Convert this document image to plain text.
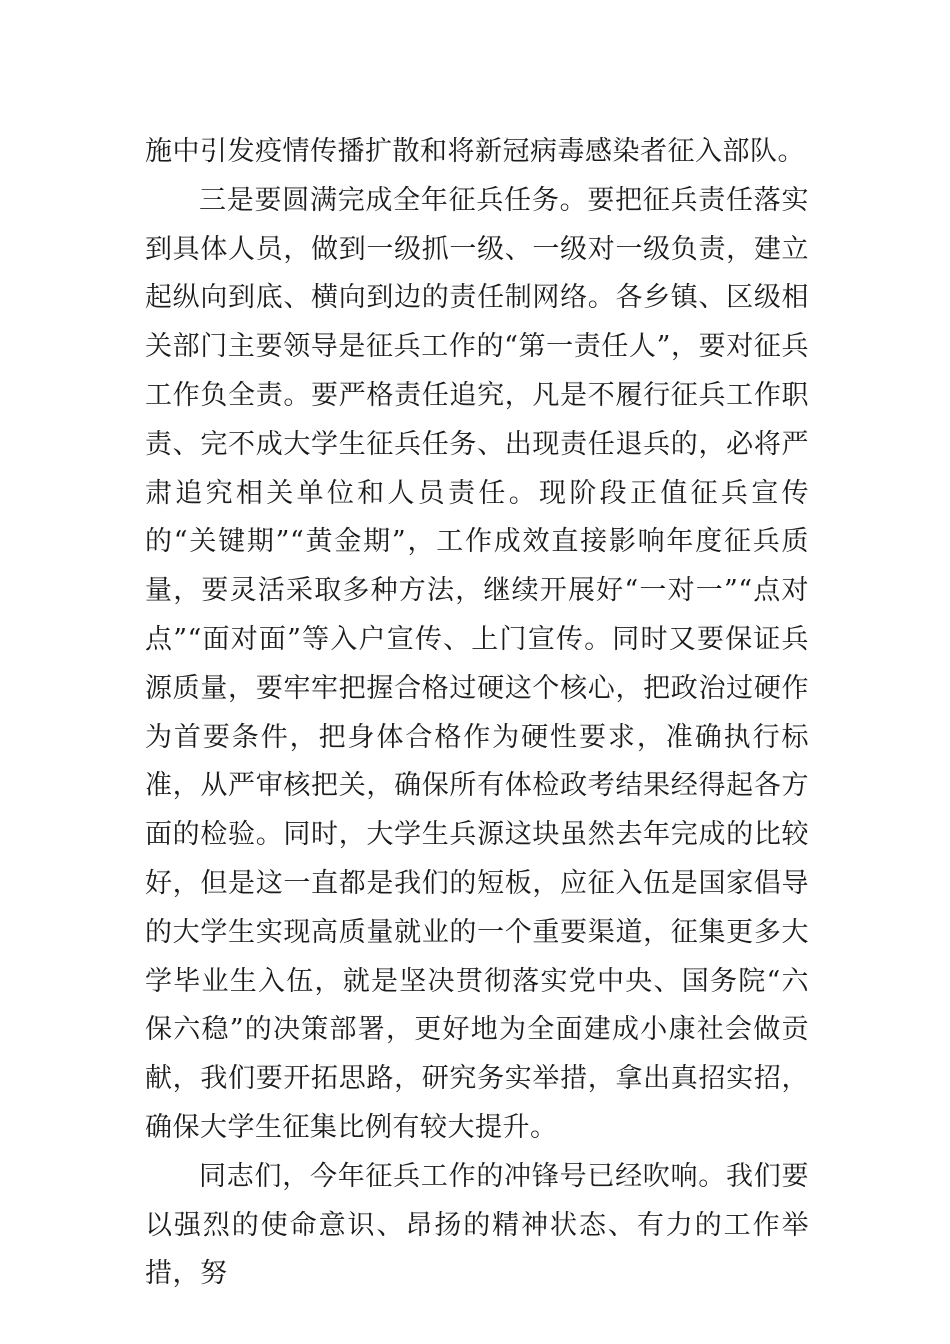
施中引发疫情传播扩散和将新冠病毒感染者征入部队。

三是要圆满完成全年征兵任务。要把征兵责任落实到具体人员，做到一级抓一级、一级对一级负责，建立起纵向到底、横向到边的责任制网络。各乡镇、区级相关部门主要领导是征兵工作的“第一责任人”，要对征兵工作负全责。要严格责任追究，凡是不履行征兵工作职责、完不成大学生征兵任务、出现责任退兵的，必将严肃追究相关单位和人员责任。现阶段正值征兵宣传的“关键期”“黄金期”，工作成效直接影响年度征兵质量，要灵活采取多种方法，继续开展好“一对一”“点对点”“面对面”等入户宣传、上门宣传。同时又要保证兵源质量，要牢牢把握合格过硬这个核心，把政治过硬作为首要条件，把身体合格作为硬性要求，准确执行标准，从严审核把关，确保所有体检政考结果经得起各方面的检验。同时，大学生兵源这块虽然去年完成的比较好，但是这一直都是我们的短板，应征入伍是国家倡导的大学生实现高质量就业的一个重要渠道，征集更多大学毕业生入伍，就是坚决贯彻落实党中央、国务院“六保六稳”的决策部署，更好地为全面建成小康社会做贡献，我们要开拓思路，研究务实举措，拿出真招实招，确保大学生征集比例有较大提升。

同志们，今年征兵工作的冲锋号已经吹响。我们要以强烈的使命意识、昂扬的精神状态、有力的工作举措，努
